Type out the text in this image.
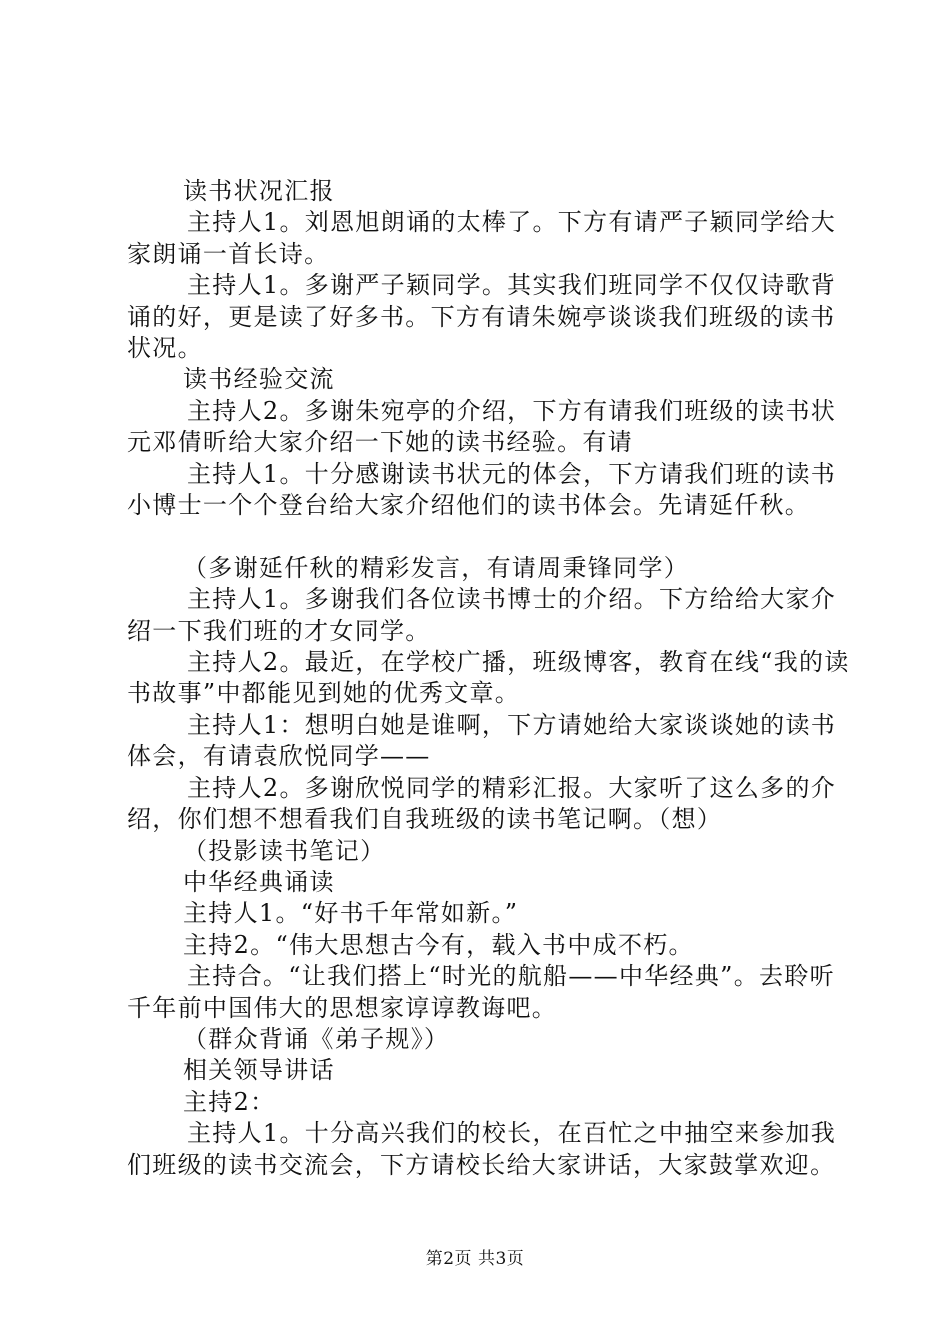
读书状况汇报

主持人1。刘恩旭朗诵的太棒了。下方有请严子颖同学给大家朗诵一首长诗。

主持人1。多谢严子颖同学。其实我们班同学不仅仅诗歌背诵的好，更是读了好多书。下方有请朱婉亭谈谈我们班级的读书状况。

读书经验交流

主持人2。多谢朱宛亭的介绍，下方有请我们班级的读书状元邓倩昕给大家介绍一下她的读书经验。有请

主持人1。十分感谢读书状元的体会，下方请我们班的读书小博士一个个登台给大家介绍他们的读书体会。先请延仟秋。

（多谢延仟秋的精彩发言，有请周秉锋同学）

主持人1。多谢我们各位读书博士的介绍。下方给给大家介绍一下我们班的才女同学。

主持人2。最近，在学校广播，班级博客，教育在线“我的读书故事”中都能见到她的优秀文章。

主持人1：想明白她是谁啊，下方请她给大家谈谈她的读书体会，有请袁欣悦同学——

主持人2。多谢欣悦同学的精彩汇报。大家听了这么多的介绍，你们想不想看我们自我班级的读书笔记啊。（想）

（投影读书笔记）

中华经典诵读

主持人1。“好书千年常如新。”

主持2。“伟大思想古今有，载入书中成不朽。

主持合。“让我们搭上“时光的航船——中华经典”。去聆听千年前中国伟大的思想家谆谆教诲吧。

（群众背诵《弟子规》）

相关领导讲话

主持2：

主持人1。十分高兴我们的校长，在百忙之中抽空来参加我们班级的读书交流会，下方请校长给大家讲话，大家鼓掌欢迎。

第2页 共3页
